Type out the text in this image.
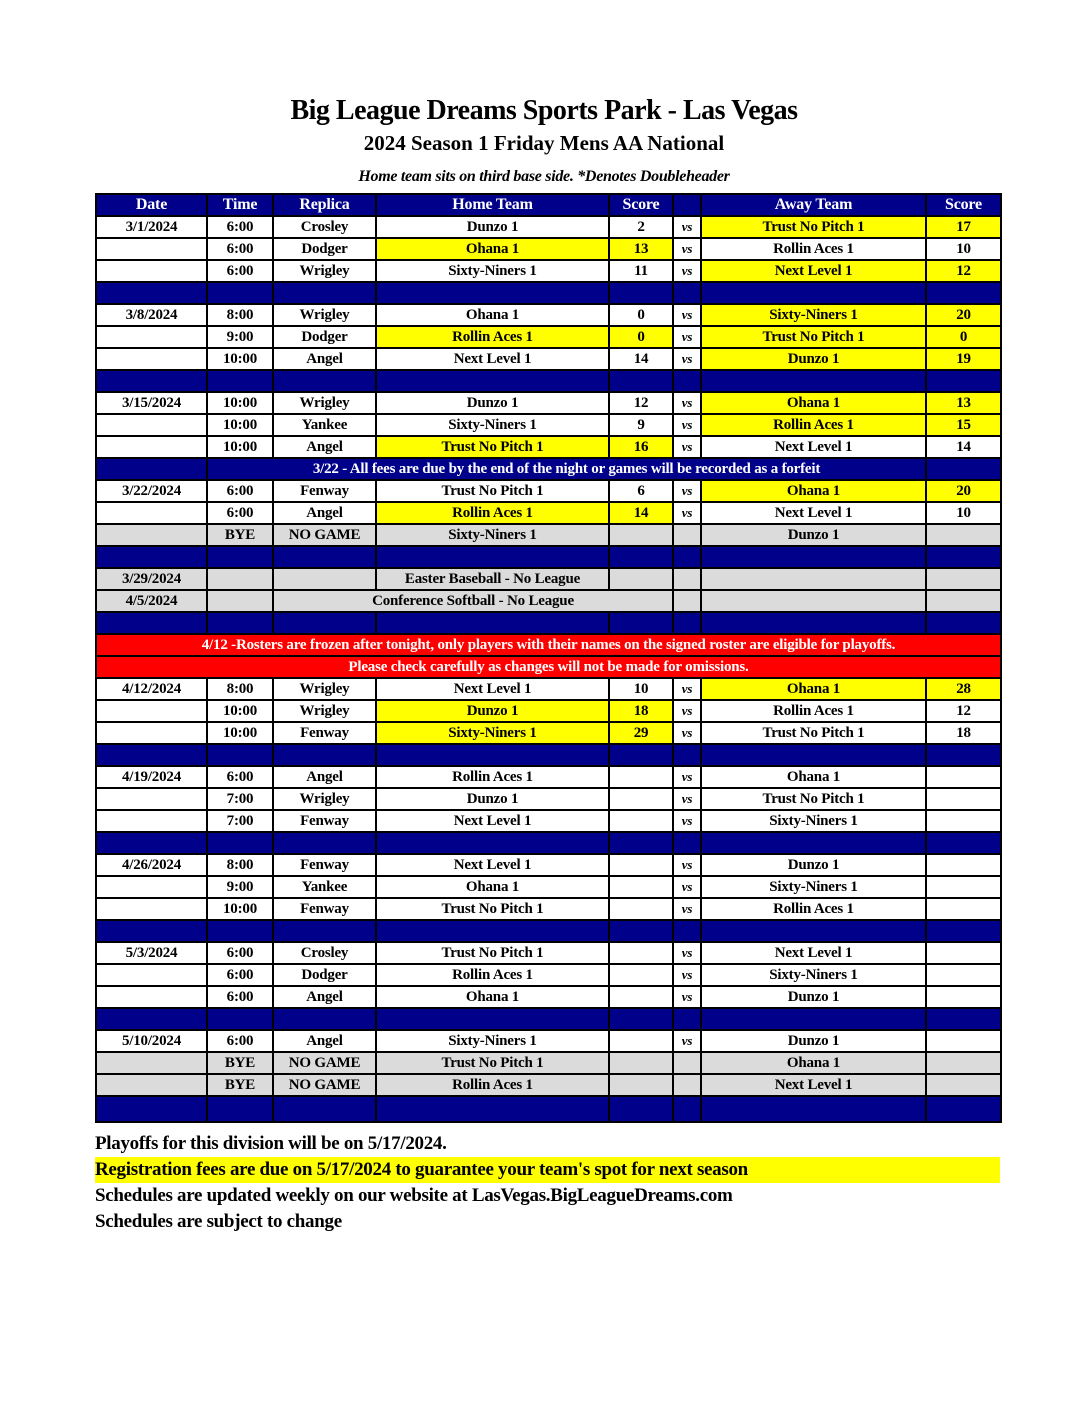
Big League Dreams Sports Park - Las Vegas
2024 Season 1 Friday Mens AA National
Home team sits on third base side. *Denotes Doubleheader
Date	Time	Replica	Home Team	Score		Away Team	Score
3/1/2024	6:00	Crosley	Dunzo 1	2	vs	Trust No Pitch 1	17
	6:00	Dodger	Ohana 1	13	vs	Rollin Aces 1	10
	6:00	Wrigley	Sixty-Niners 1	11	vs	Next Level 1	12

3/8/2024	8:00	Wrigley	Ohana 1	0	vs	Sixty-Niners 1	20
	9:00	Dodger	Rollin Aces 1	0	vs	Trust No Pitch 1	0
	10:00	Angel	Next Level 1	14	vs	Dunzo 1	19

3/15/2024	10:00	Wrigley	Dunzo 1	12	vs	Ohana 1	13
	10:00	Yankee	Sixty-Niners 1	9	vs	Rollin Aces 1	15
	10:00	Angel	Trust No Pitch 1	16	vs	Next Level 1	14
	3/22 - All fees are due by the end of the night or games will be recorded as a forfeit						
3/22/2024	6:00	Fenway	Trust No Pitch 1	6	vs	Ohana 1	20
	6:00	Angel	Rollin Aces 1	14	vs	Next Level 1	10
	BYE	NO GAME	Sixty-Niners 1			Dunzo 1	

3/29/2024			Easter Baseball - No League				
4/5/2024		Conference Softball - No League					

4/12 -Rosters are frozen after tonight, only players with their names on the signed roster are eligible for playoffs.							
Please check carefully as changes will not be made for omissions.							
4/12/2024	8:00	Wrigley	Next Level 1	10	vs	Ohana 1	28
	10:00	Wrigley	Dunzo 1	18	vs	Rollin Aces 1	12
	10:00	Fenway	Sixty-Niners 1	29	vs	Trust No Pitch 1	18

4/19/2024	6:00	Angel	Rollin Aces 1		vs	Ohana 1	
	7:00	Wrigley	Dunzo 1		vs	Trust No Pitch 1	
	7:00	Fenway	Next Level 1		vs	Sixty-Niners 1	

4/26/2024	8:00	Fenway	Next Level 1		vs	Dunzo 1	
	9:00	Yankee	Ohana 1		vs	Sixty-Niners 1	
	10:00	Fenway	Trust No Pitch 1		vs	Rollin Aces 1	

5/3/2024	6:00	Crosley	Trust No Pitch 1		vs	Next Level 1	
	6:00	Dodger	Rollin Aces 1		vs	Sixty-Niners 1	
	6:00	Angel	Ohana 1		vs	Dunzo 1	

5/10/2024	6:00	Angel	Sixty-Niners 1		vs	Dunzo 1	
	BYE	NO GAME	Trust No Pitch 1			Ohana 1	
	BYE	NO GAME	Rollin Aces 1			Next Level 1	

Playoffs for this division will be on 5/17/2024.
Registration fees are due on 5/17/2024 to guarantee your team's spot for next season
Schedules are updated weekly on our website at LasVegas.BigLeagueDreams.com
Schedules are subject to change
